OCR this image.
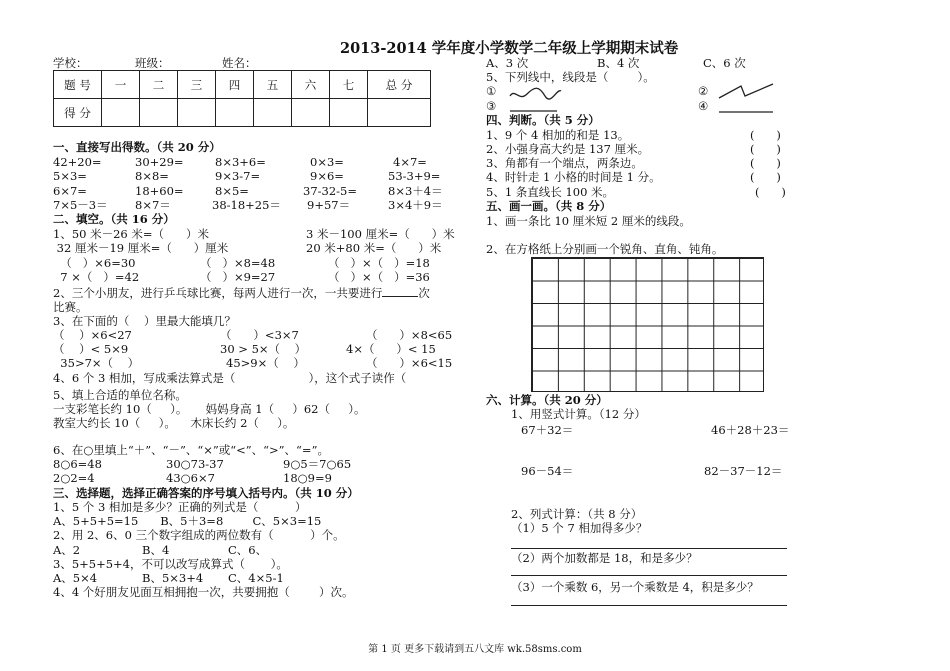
2013-2014 学年度小学数学二年级上学期期末试卷
学校：	班级：	姓名：
题 号	一	二	三	四	五	六	七	总 分
得 分								
一、直接写出得数。（共 20 分）
42+20=	30+29=	8×3+6=	0×3=	4×7=
5×3=	8×8=	9×3-7=	9×6=	53-3+9=
6×7=	18+60=	8×5=	37-32-5=	8×3＋4＝
7×5－3＝ 8×7＝	38-18+25＝ 9+57＝	3×4＋9＝
二、填空。（共 16 分）
1、50 米－26 米=（      ）米	3 米－100 厘米=（      ）米
32 厘米－19 厘米=（      ）厘米	20 米+80 米=（      ）米
（   ）×6=30	（   ）×8=48	（   ）×（   ）=18
7 ×（   ）=42	（   ）×9=27	（   ）×（   ）=36
2、三个小朋友，进行乒乓球比赛，每两人进行一次，一共要进行	次
比赛。
3、在下面的（    ）里最大能填几？
（    ）×6<27	（      ）<3×7	（      ）×8<65
（    ）< 5×9	30 > 5×（    ）	4×（      ）< 15
35>7×（    ）	45>9×（    ）	（      ）×6<15
4、6 个 3 相加，写成乘法算式是（                    ），这个式子读作（
5、填上合适的单位名称。
一支彩笔长约 10（     ）。     妈妈身高 1（     ）62（     ）。
教室大约长 10（     ）。    木床长约 2（     ）。
6、在○里填上“＋”、“－”、“×”或“<”、“>”、“=”。
8○6=48	30○73-37	9○5＝7○65
2○2=4	43○6×7	18○9=9
三、选择题，选择正确答案的序号填入括号内。（共 10 分）
1、5 个 3 相加是多少？正确的列式是（          ）
A、5+5+5=15      B、5＋3=8        C、5×3=15
2、用 2、6、0 三个数字组成的两位数有（          ）个。
A、2	B、4	C、6、
3、5+5+5+4，不可以改写成算式（       ）。
A、5×4	B、5×3+4 C、4×5-1
4、4 个好朋友见面互相拥抱一次，共要拥抱（        ）次。
A、3 次	B、4 次	C、6 次
5、下列线中，线段是（        ）。
①	②
③	④
四、判断。（共 5 分）
1、9 个 4 相加的和是 13。	(      )
2、小强身高大约是 137 厘米。	(      )
3、角都有一个端点，两条边。	(      )
4、时针走 1 小格的时间是 1 分。	(      )
5、1 条直线长 100 米。	(      )
五、画一画。（共 8 分）
1、画一条比 10 厘米短 2 厘米的线段。
2、在方格纸上分别画一个锐角、直角、钝角。
六、计算。（共 20 分）
1、用竖式计算。（12 分）
67＋32＝	46＋28＋23＝
96－54＝	82－37－12＝
2、列式计算：（共 8 分）
（1）5 个 7 相加得多少？
（2）两个加数都是 18，和是多少？
（3）一个乘数 6，另一个乘数是 4，积是多少？
第 1 页 更多下载请到五八文库 wk.58sms.com
